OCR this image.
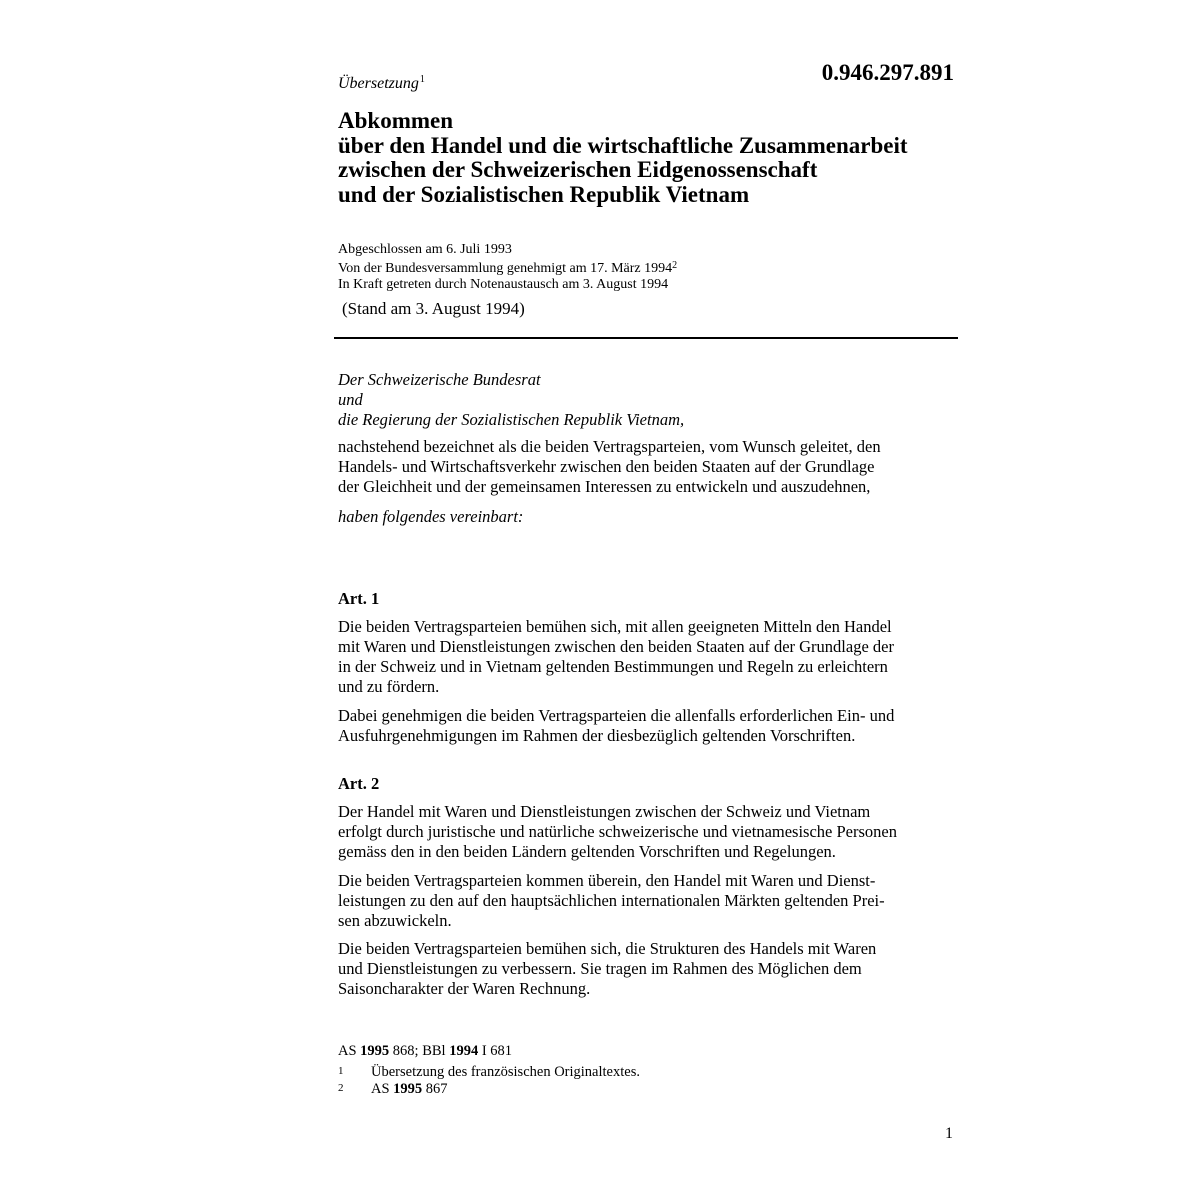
Übersetzung$^1$	0.946.297.891
Abkommen
über den Handel und die wirtschaftliche Zusammenarbeit
zwischen der Schweizerischen Eidgenossenschaft
und der Sozialistischen Republik Vietnam
Abgeschlossen am 6. Juli 1993
Von der Bundesversammlung genehmigt am 17. März 1994$^2$
In Kraft getreten durch Notenaustausch am 3. August 1994
(Stand am 3. August 1994)
Der Schweizerische Bundesrat
und
die Regierung der Sozialistischen Republik Vietnam,
nachstehend bezeichnet als die beiden Vertragsparteien, vom Wunsch geleitet, den
Handels- und Wirtschaftsverkehr zwischen den beiden Staaten auf der Grundlage
der Gleichheit und der gemeinsamen Interessen zu entwickeln und auszudehnen,
haben folgendes vereinbart:
Art. 1
Die beiden Vertragsparteien bemühen sich, mit allen geeigneten Mitteln den Handel
mit Waren und Dienstleistungen zwischen den beiden Staaten auf der Grundlage der
in der Schweiz und in Vietnam geltenden Bestimmungen und Regeln zu erleichtern
und zu fördern.
Dabei genehmigen die beiden Vertragsparteien die allenfalls erforderlichen Ein- und
Ausfuhrgenehmigungen im Rahmen der diesbezüglich geltenden Vorschriften.
Art. 2
Der Handel mit Waren und Dienstleistungen zwischen der Schweiz und Vietnam
erfolgt durch juristische und natürliche schweizerische und vietnamesische Personen
gemäss den in den beiden Ländern geltenden Vorschriften und Regelungen.
Die beiden Vertragsparteien kommen überein, den Handel mit Waren und Dienst-
leistungen zu den auf den hauptsächlichen internationalen Märkten geltenden Prei-
sen abzuwickeln.
Die beiden Vertragsparteien bemühen sich, die Strukturen des Handels mit Waren
und Dienstleistungen zu verbessern. Sie tragen im Rahmen des Möglichen dem
Saisoncharakter der Waren Rechnung.
AS 1995 868; BBl 1994 I 681
1	Übersetzung des französischen Originaltextes.
2	AS 1995 867
1
